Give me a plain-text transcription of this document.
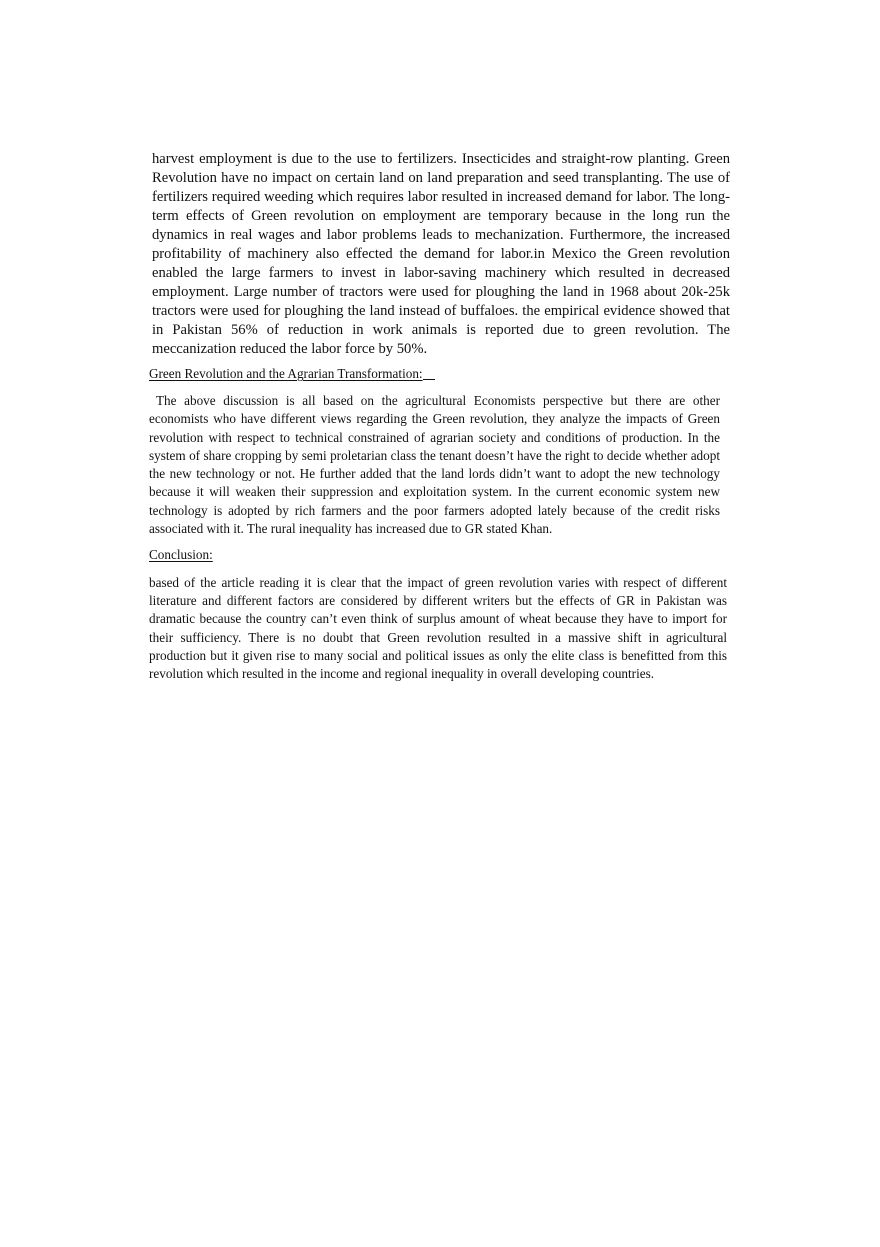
harvest employment is due to the use to fertilizers. Insecticides and straight-row planting. Green Revolution have no impact on certain land on land preparation and seed transplanting. The use of fertilizers required weeding which requires labor resulted in increased demand for labor. The long-term effects of Green revolution on employment are temporary because in the long run the dynamics in real wages and labor problems leads to mechanization. Furthermore, the increased profitability of machinery also effected the demand for labor.in Mexico the Green revolution enabled the large farmers to invest in labor-saving machinery which resulted in decreased employment. Large number of tractors were used for ploughing the land in 1968 about 20k-25k tractors were used for ploughing the land instead of buffaloes. the empirical evidence showed that in Pakistan 56% of reduction in work animals is reported due to green revolution. The meccanization reduced the labor force by 50%.

Green Revolution and the Agrarian Transformation:

The above discussion is all based on the agricultural Economists perspective but there are other economists who have different views regarding the Green revolution, they analyze the impacts of Green revolution with respect to technical constrained of agrarian society and conditions of production. In the system of share cropping by semi proletarian class the tenant doesn’t have the right to decide whether adopt the new technology or not. He further added that the land lords didn’t want to adopt the new technology because it will weaken their suppression and exploitation system. In the current economic system new technology is adopted by rich farmers and the poor farmers adopted lately because of the credit risks associated with it. The rural inequality has increased due to GR stated Khan.

Conclusion:

based of the article reading it is clear that the impact of green revolution varies with respect of different literature and different factors are considered by different writers but the effects of GR in Pakistan was dramatic because the country can’t even think of surplus amount of wheat because they have to import for their sufficiency. There is no doubt that Green revolution resulted in a massive shift in agricultural production but it given rise to many social and political issues as only the elite class is benefitted from this revolution which resulted in the income and regional inequality in overall developing countries.
